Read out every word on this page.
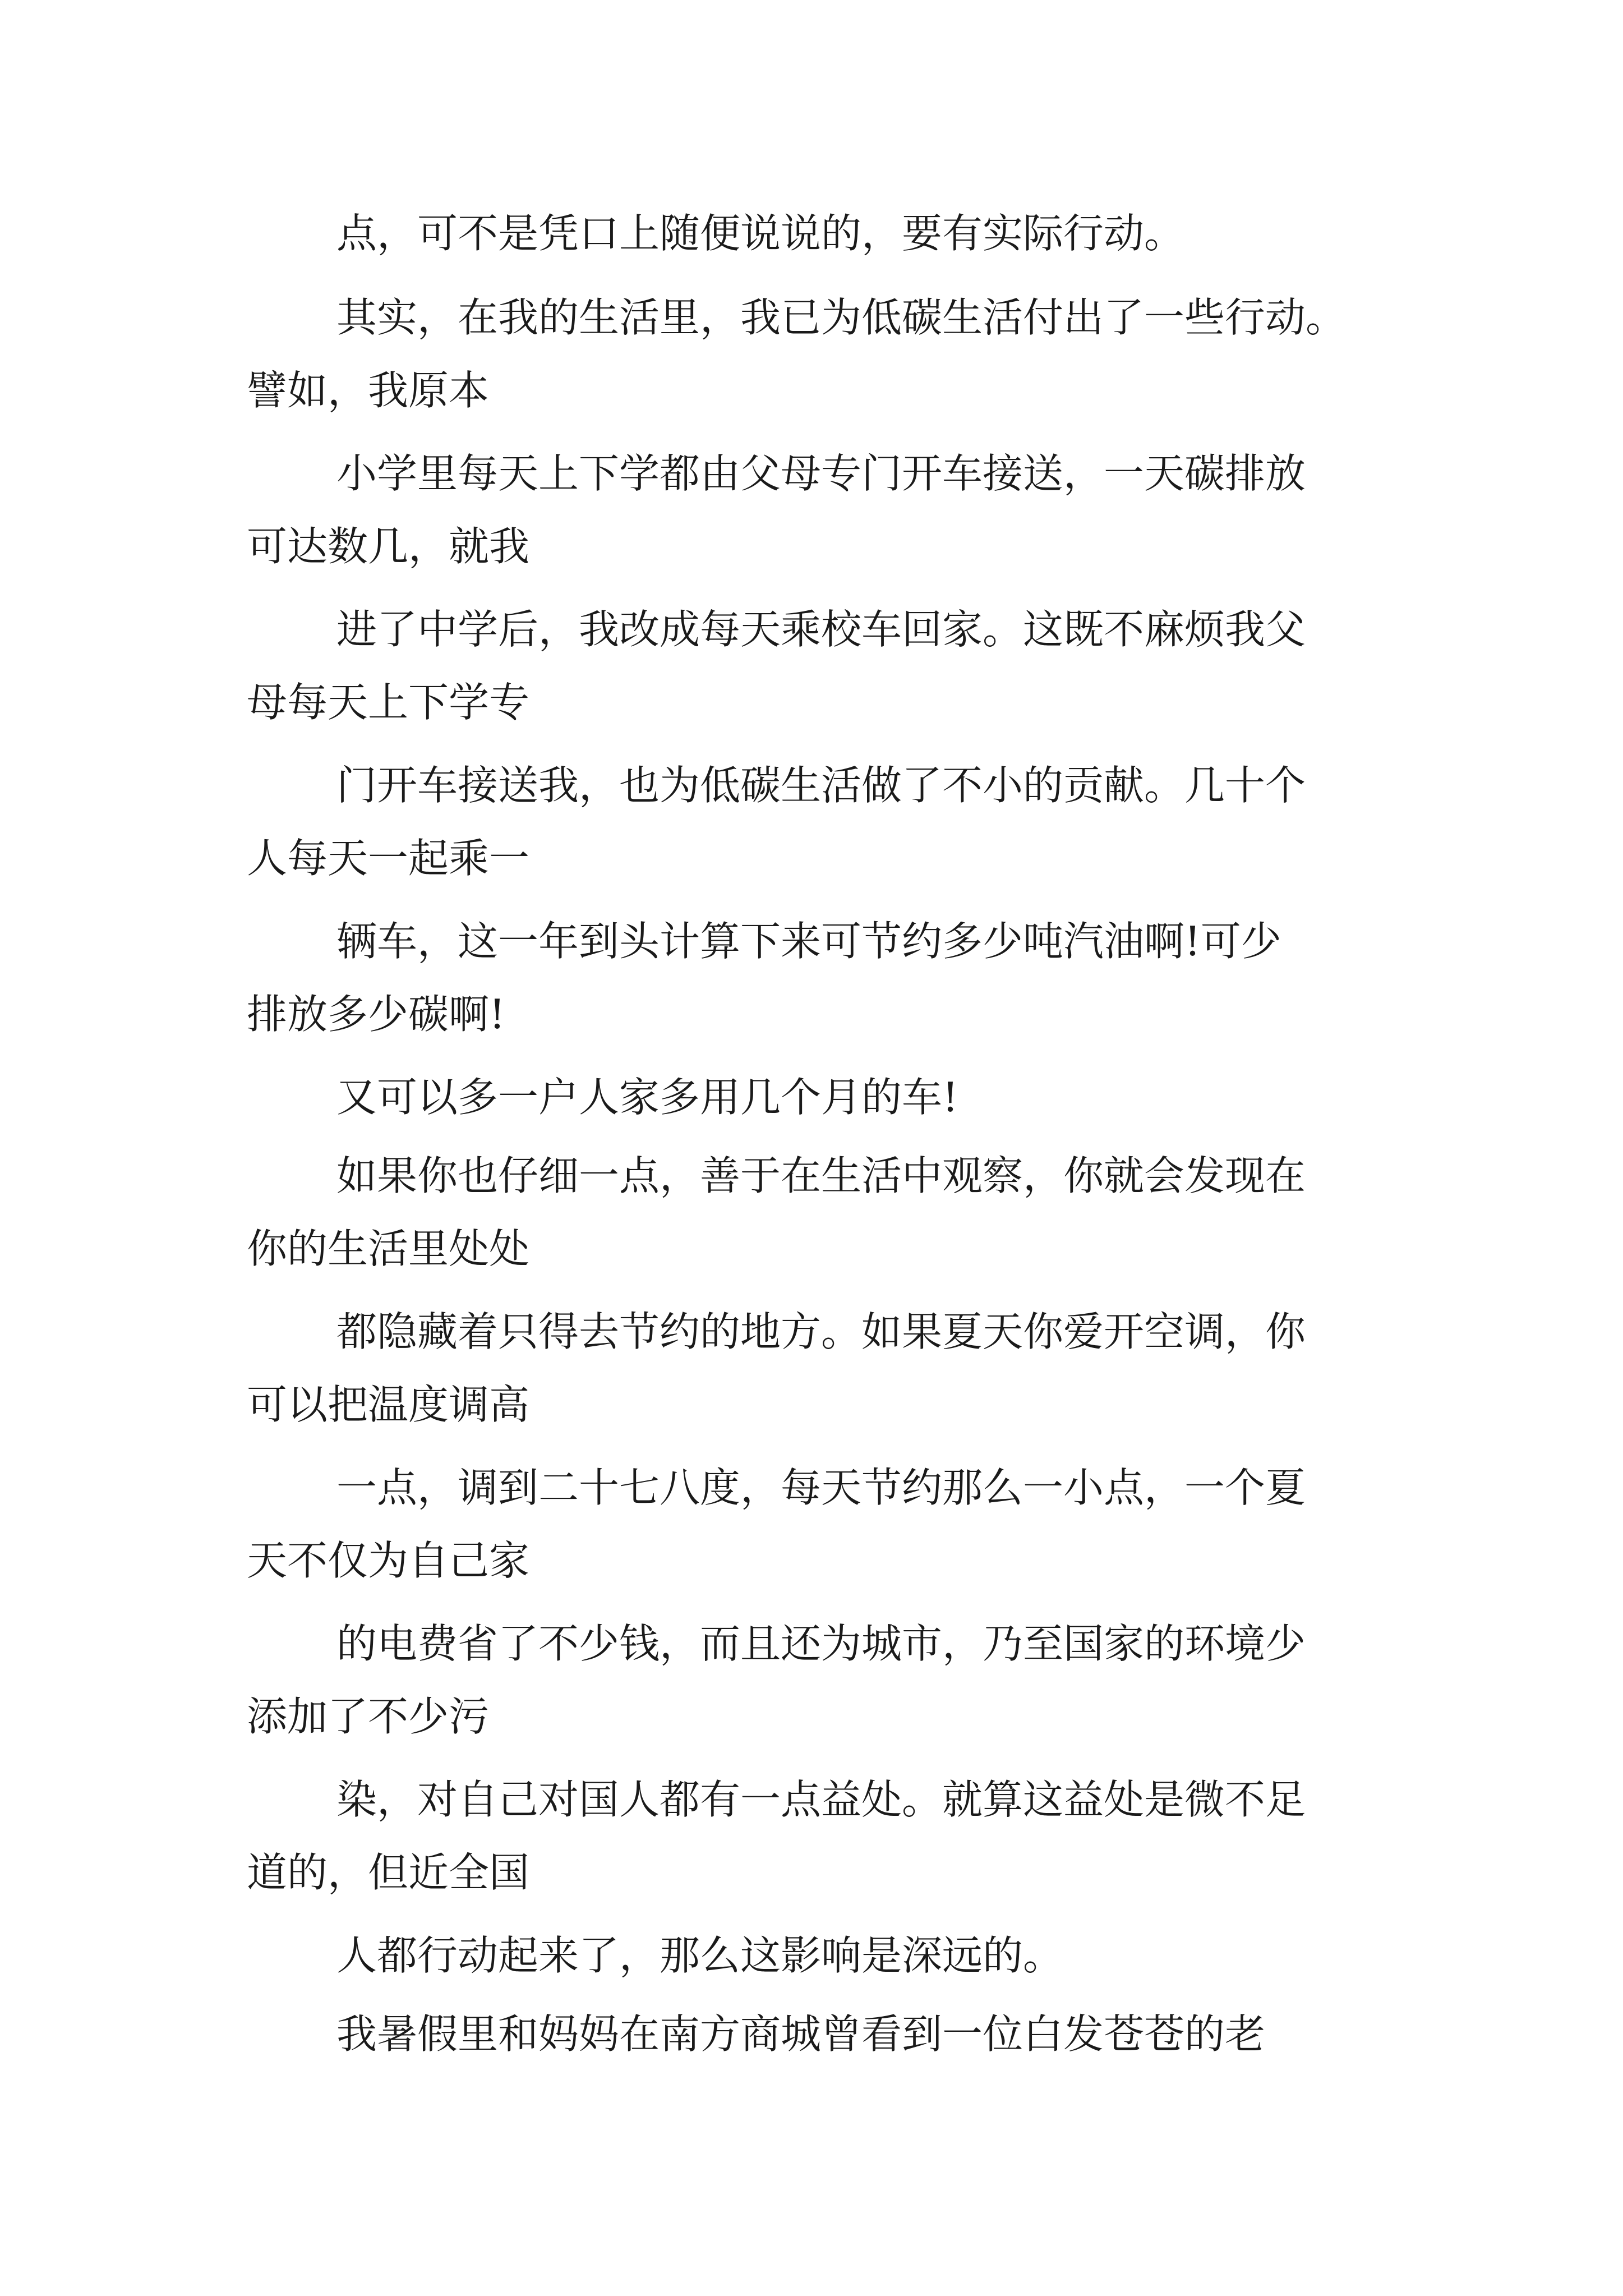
点，可不是凭口上随便说说的，要有实际行动。
其实，在我的生活里，我已为低碳生活付出了一些行动。
譬如，我原本
小学里每天上下学都由父母专门开车接送，一天碳排放
可达数几，就我
进了中学后，我改成每天乘校车回家。这既不麻烦我父
母每天上下学专
门开车接送我，也为低碳生活做了不小的贡献。几十个
人每天一起乘一
辆车，这一年到头计算下来可节约多少吨汽油啊!可少
排放多少碳啊!
又可以多一户人家多用几个月的车!
如果你也仔细一点，善于在生活中观察，你就会发现在
你的生活里处处
都隐藏着只得去节约的地方。如果夏天你爱开空调，你
可以把温度调高
一点，调到二十七八度，每天节约那么一小点，一个夏
天不仅为自己家
的电费省了不少钱，而且还为城市，乃至国家的环境少
添加了不少污
染，对自己对国人都有一点益处。就算这益处是微不足
道的，但近全国
人都行动起来了，那么这影响是深远的。
我暑假里和妈妈在南方商城曾看到一位白发苍苍的老
